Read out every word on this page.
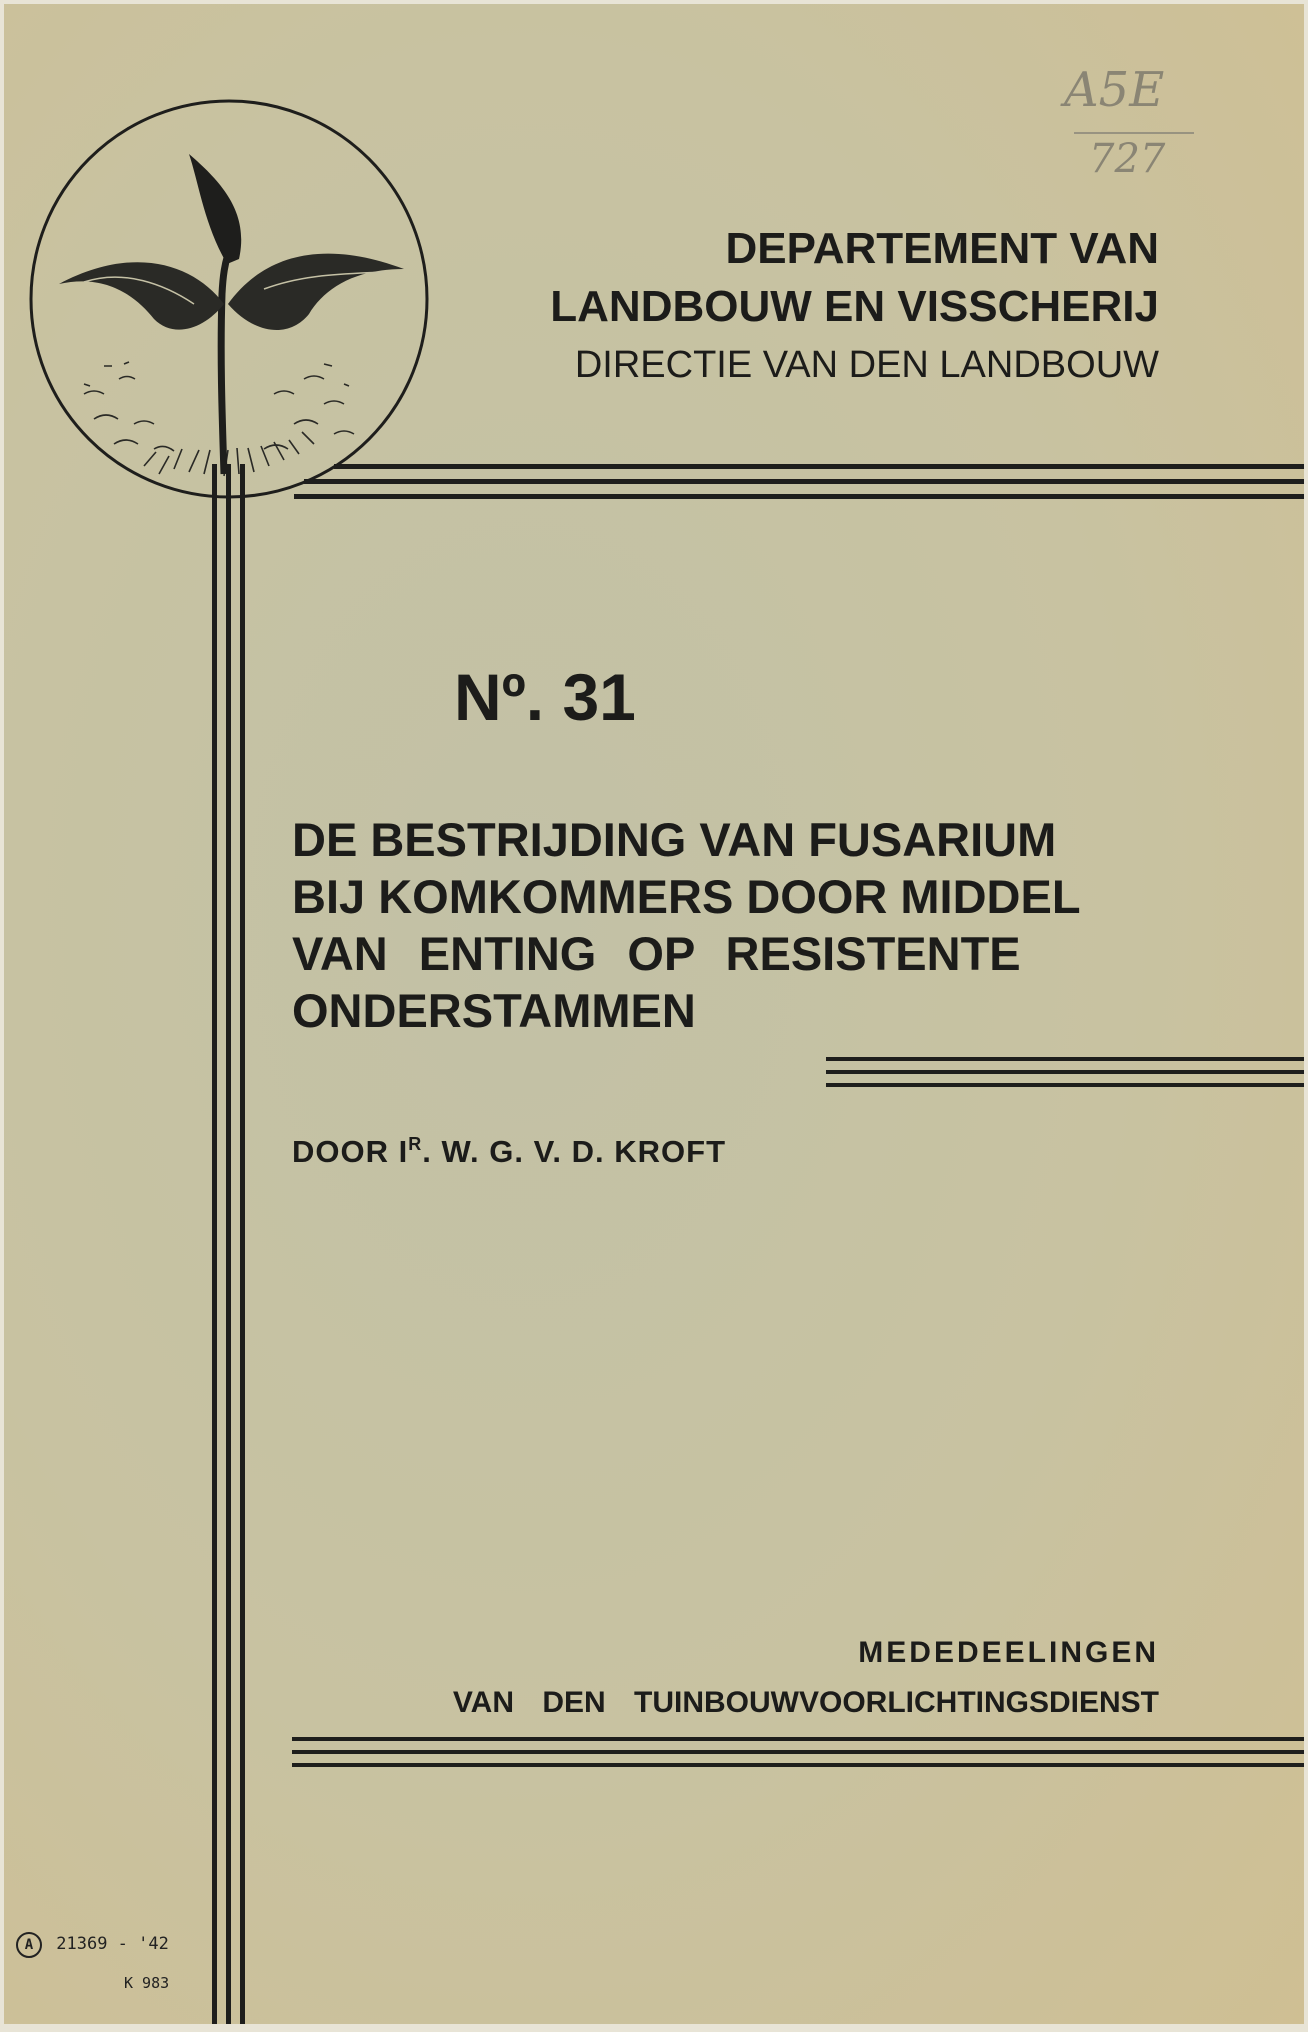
A5E
727
DEPARTEMENT VAN
LANDBOUW EN VISSCHERIJ
DIRECTIE VAN DEN LANDBOUW
Nº. 31
DE BESTRIJDING VAN FUSARIUM
BIJ KOMKOMMERS DOOR MIDDEL
VAN ENTING OP RESISTENTE
ONDERSTAMMEN
DOOR $I^R$. W. G. V. D. KROFT
MEDEDEELINGEN
VAN DEN TUINBOUWVOORLICHTINGSDIENST
A 21369 - '42
K 983
